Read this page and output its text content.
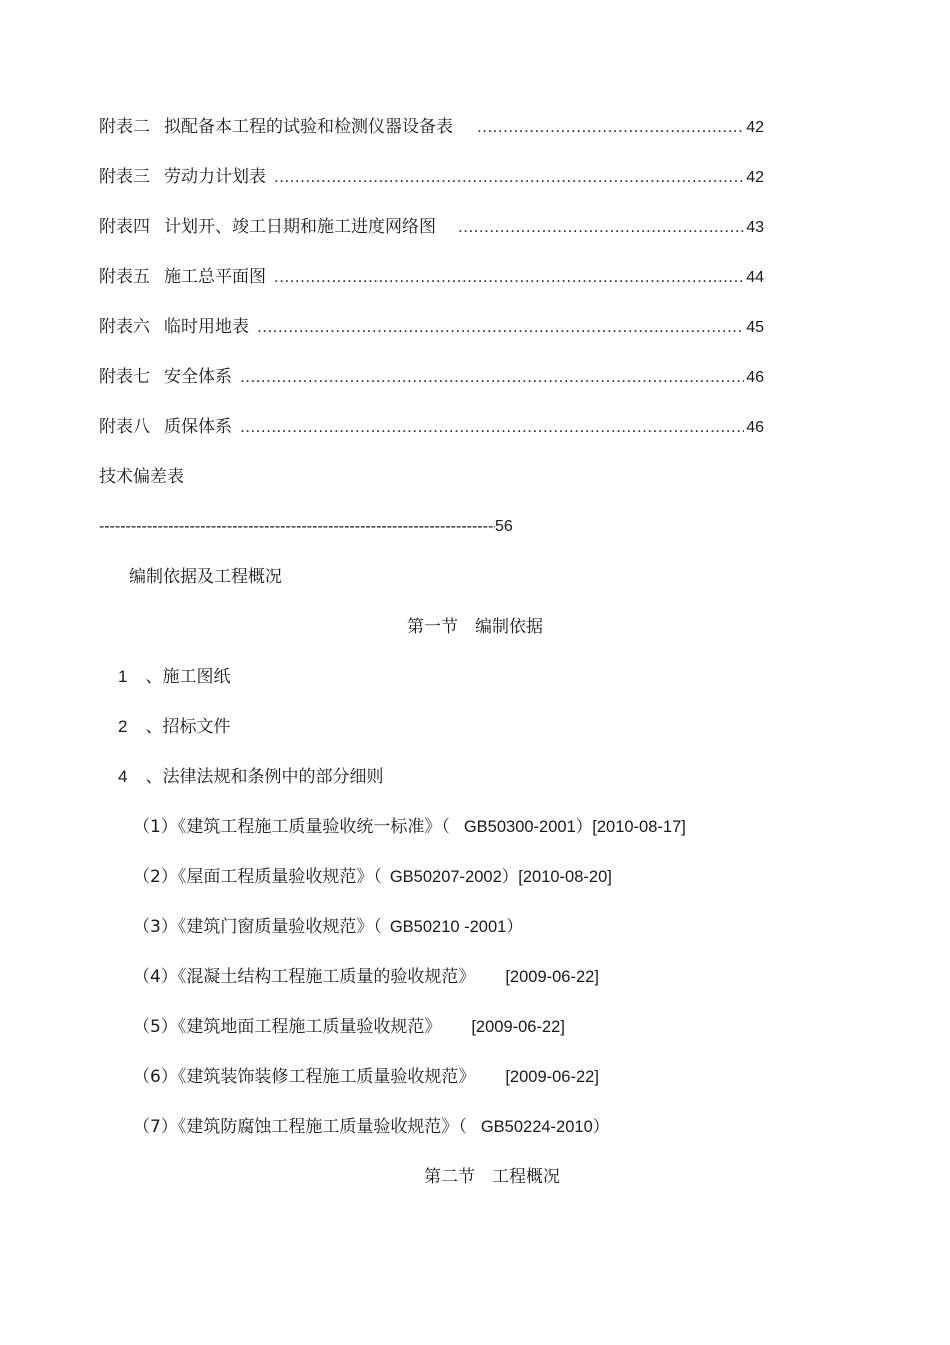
附表二 拟配备本工程的试验和检测仪器设备表 .....	42
附表三 劳动力计划表 .....	42
附表四 计划开、竣工日期和施工进度网络图 .....	43
附表五 施工总平面图 .....	44
附表六 临时用地表 .....	45
附表七 安全体系 .....	46
附表八 质保体系 .....	46
技术偏差表
-----56
编制依据及工程概况
第一节　编制依据
1 、施工图纸
2 、招标文件
4 、法律法规和条例中的部分细则
（1）《建筑工程施工质量验收统一标准》（ GB50300-2001）[2010-08-17]
（2）《屋面工程质量验收规范》（ GB50207-2002）[2010-08-20]
（3）《建筑门窗质量验收规范》（ GB50210 -2001）
（4）《混凝土结构工程施工质量的验收规范》 [2009-06-22]
（5）《建筑地面工程施工质量验收规范》 [2009-06-22]
（6）《建筑装饰装修工程施工质量验收规范》 [2009-06-22]
（7）《建筑防腐蚀工程施工质量验收规范》（ GB50224-2010）
第二节　工程概况
